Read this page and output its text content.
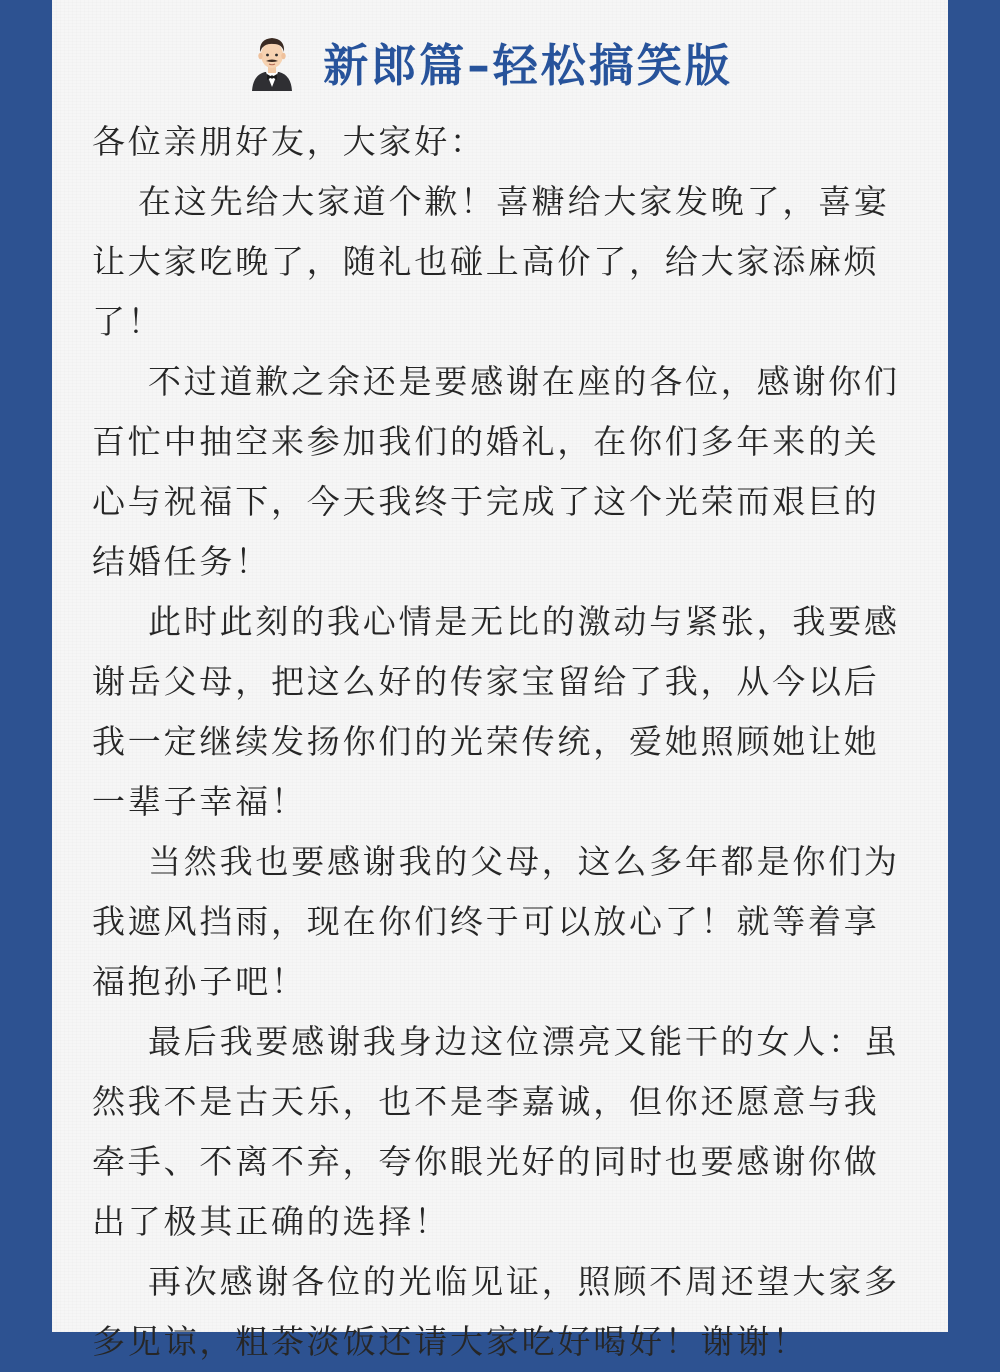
新郎篇–轻松搞笑版

各位亲朋好友，大家好：

在这先给大家道个歉！喜糖给大家发晚了，喜宴让大家吃晚了，随礼也碰上高价了，给大家添麻烦了！

不过道歉之余还是要感谢在座的各位，感谢你们百忙中抽空来参加我们的婚礼，在你们多年来的关心与祝福下，今天我终于完成了这个光荣而艰巨的结婚任务！

此时此刻的我心情是无比的激动与紧张，我要感谢岳父母，把这么好的传家宝留给了我，从今以后我一定继续发扬你们的光荣传统，爱她照顾她让她一辈子幸福！

当然我也要感谢我的父母，这么多年都是你们为我遮风挡雨，现在你们终于可以放心了！就等着享福抱孙子吧！

最后我要感谢我身边这位漂亮又能干的女人：虽然我不是古天乐，也不是李嘉诚，但你还愿意与我牵手、不离不弃，夸你眼光好的同时也要感谢你做出了极其正确的选择！

再次感谢各位的光临见证，照顾不周还望大家多多见谅，粗茶淡饭还请大家吃好喝好！谢谢！
